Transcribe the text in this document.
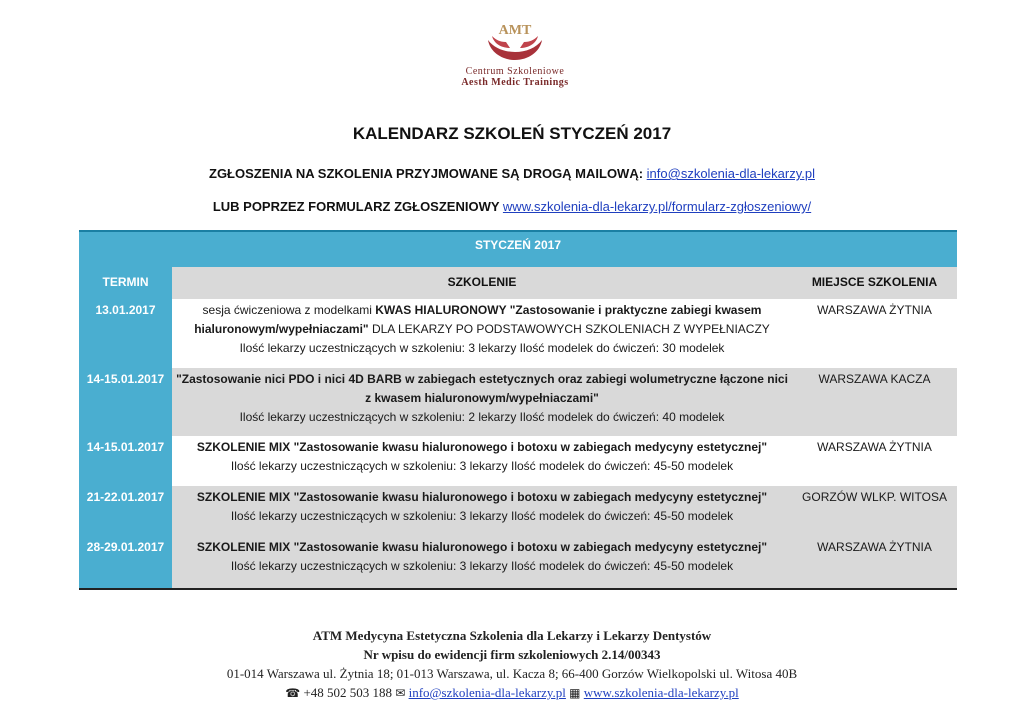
AMT
Centrum Szkoleniowe
Aesth Medic Trainings
KALENDARZ SZKOLEŃ STYCZEŃ 2017
ZGŁOSZENIA NA SZKOLENIA PRZYJMOWANE SĄ DROGĄ MAILOWĄ: info@szkolenia-dla-lekarzy.pl
LUB POPRZEZ FORMULARZ ZGŁOSZENIOWY www.szkolenia-dla-lekarzy.pl/formularz-zgłoszeniowy/
STYCZEŃ 2017
TERMIN	SZKOLENIE	MIEJSCE SZKOLENIA
13.01.2017	sesja ćwiczeniowa z modelkami KWAS HIALURONOWY "Zastosowanie i praktyczne zabiegi kwasem hialuronowym/wypełniaczami" DLA LEKARZY PO PODSTAWOWYCH SZKOLENIACH Z WYPEŁNIACZY
Ilość lekarzy uczestniczących w szkoleniu: 3 lekarzy Ilość modelek do ćwiczeń: 30 modelek
WARSZAWA ŻYTNIA
14-15.01.2017 "Zastosowanie nici PDO i nici 4D BARB w zabiegach estetycznych oraz zabiegi wolumetryczne łączone nici z kwasem hialuronowym/wypełniaczami"
Ilość lekarzy uczestniczących w szkoleniu: 2 lekarzy Ilość modelek do ćwiczeń: 40 modelek
WARSZAWA KACZA
14-15.01.2017	SZKOLENIE MIX "Zastosowanie kwasu hialuronowego i botoxu w zabiegach medycyny estetycznej"
Ilość lekarzy uczestniczących w szkoleniu: 3 lekarzy Ilość modelek do ćwiczeń: 45-50 modelek
WARSZAWA ŻYTNIA
21-22.01.2017	SZKOLENIE MIX "Zastosowanie kwasu hialuronowego i botoxu w zabiegach medycyny estetycznej"
Ilość lekarzy uczestniczących w szkoleniu: 3 lekarzy Ilość modelek do ćwiczeń: 45-50 modelek
GORZÓW WLKP. WITOSA
28-29.01.2017	SZKOLENIE MIX "Zastosowanie kwasu hialuronowego i botoxu w zabiegach medycyny estetycznej"
Ilość lekarzy uczestniczących w szkoleniu: 3 lekarzy Ilość modelek do ćwiczeń: 45-50 modelek
WARSZAWA ŻYTNIA
ATM Medycyna Estetyczna Szkolenia dla Lekarzy i Lekarzy Dentystów
Nr wpisu do ewidencji firm szkoleniowych 2.14/00343
01-014 Warszawa ul. Żytnia 18; 01-013 Warszawa, ul. Kacza 8; 66-400 Gorzów Wielkopolski ul. Witosa 40B
☎ +48 502 503 188 ✉ info@szkolenia-dla-lekarzy.pl ▦ www.szkolenia-dla-lekarzy.pl
